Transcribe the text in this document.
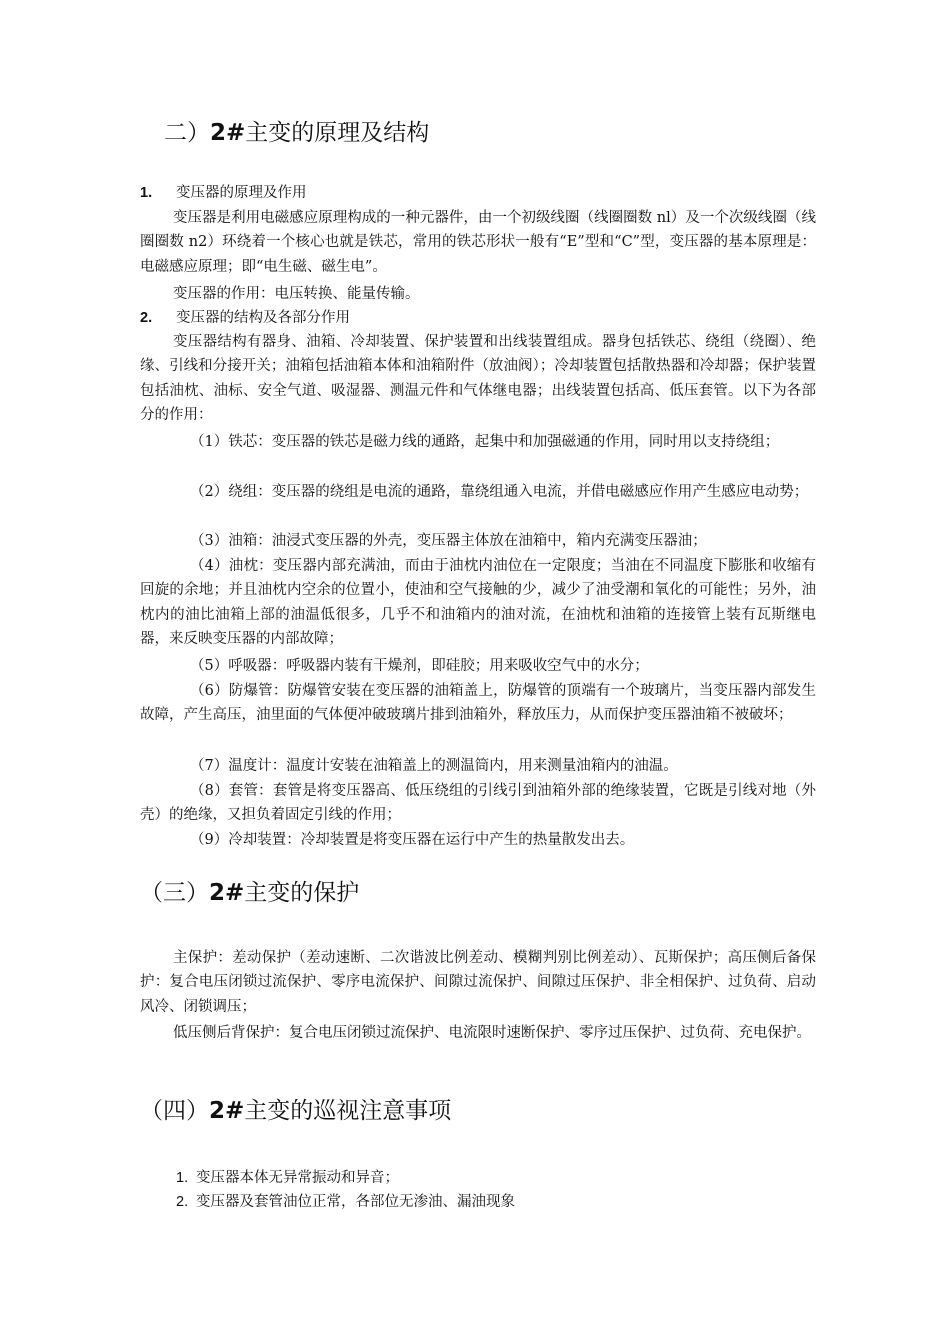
二）2#主变的原理及结构
1. 变压器的原理及作用
变压器是利用电磁感应原理构成的一种元器件，由一个初级线圈（线圈圈数 nl）及一个次级线圈（线圈圈数 n2）环绕着一个核心也就是铁芯，常用的铁芯形状一般有“E”型和“C”型，变压器的基本原理是：电磁感应原理；即“电生磁、磁生电”。
变压器的作用：电压转换、能量传输。
2. 变压器的结构及各部分作用
变压器结构有器身、油箱、冷却装置、保护装置和出线装置组成。器身包括铁芯、绕组（绕圈）、绝缘、引线和分接开关；油箱包括油箱本体和油箱附件（放油阀）；冷却装置包括散热器和冷却器；保护装置包括油枕、油标、安全气道、吸湿器、测温元件和气体继电器；出线装置包括高、低压套管。以下为各部分的作用：
（1）铁芯：变压器的铁芯是磁力线的通路，起集中和加强磁通的作用，同时用以支持绕组；
（2）绕组：变压器的绕组是电流的通路，靠绕组通入电流，并借电磁感应作用产生感应电动势；
（3）油箱：油浸式变压器的外壳，变压器主体放在油箱中，箱内充满变压器油；
（4）油枕：变压器内部充满油，而由于油枕内油位在一定限度；当油在不同温度下膨胀和收缩有回旋的余地；并且油枕内空余的位置小，使油和空气接触的少，减少了油受潮和氧化的可能性；另外，油枕内的油比油箱上部的油温低很多，几乎不和油箱内的油对流，在油枕和油箱的连接管上装有瓦斯继电器，来反映变压器的内部故障；
（5）呼吸器：呼吸器内装有干燥剂，即硅胶；用来吸收空气中的水分；
（6）防爆管：防爆管安装在变压器的油箱盖上，防爆管的顶端有一个玻璃片，当变压器内部发生故障，产生高压，油里面的气体便冲破玻璃片排到油箱外，释放压力，从而保护变压器油箱不被破坏；
（7）温度计：温度计安装在油箱盖上的测温筒内，用来测量油箱内的油温。
（8）套管：套管是将变压器高、低压绕组的引线引到油箱外部的绝缘装置，它既是引线对地（外壳）的绝缘，又担负着固定引线的作用；
（9）冷却装置：冷却装置是将变压器在运行中产生的热量散发出去。
（三）2#主变的保护
主保护：差动保护（差动速断、二次谐波比例差动、模糊判别比例差动）、瓦斯保护；高压侧后备保护：复合电压闭锁过流保护、零序电流保护、间隙过流保护、间隙过压保护、非全相保护、过负荷、启动风冷、闭锁调压；
低压侧后背保护：复合电压闭锁过流保护、电流限时速断保护、零序过压保护、过负荷、充电保护。
（四）2#主变的巡视注意事项
1. 变压器本体无异常振动和异音；
2. 变压器及套管油位正常，各部位无渗油、漏油现象
